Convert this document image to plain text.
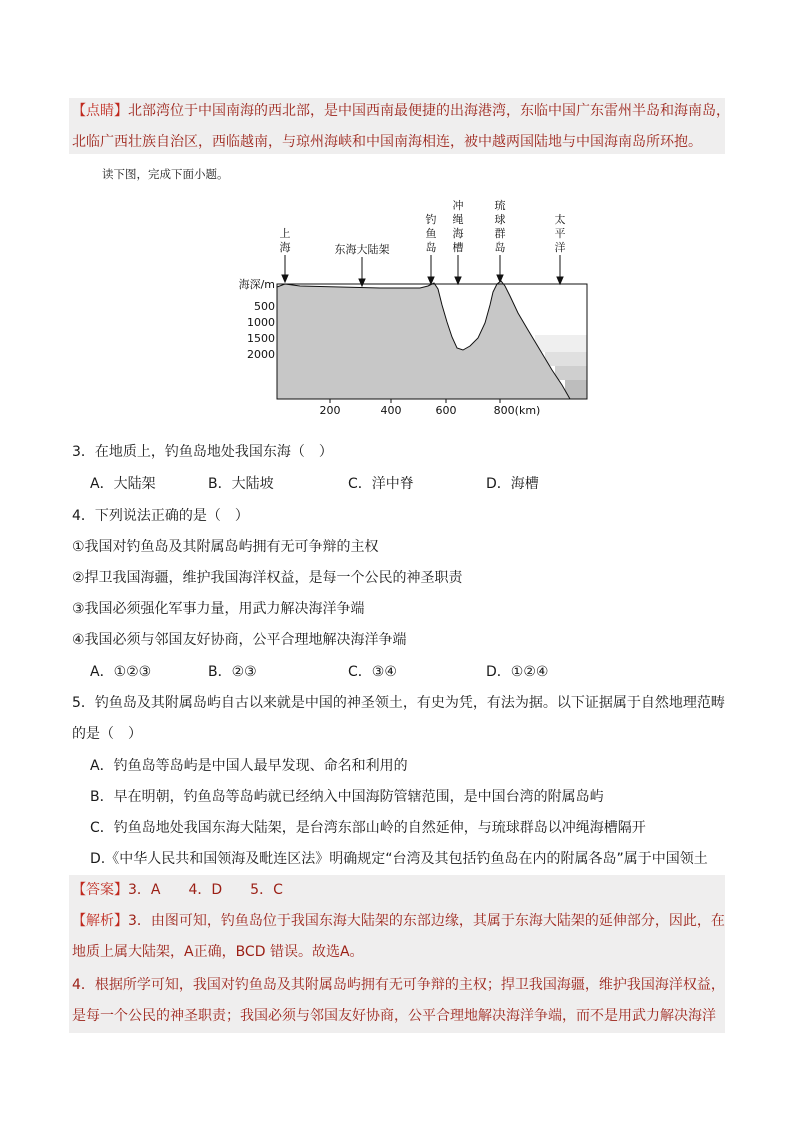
【点睛】北部湾位于中国南海的西北部，是中国西南最便捷的出海港湾，东临中国广东雷州半岛和海南岛，
北临广西壮族自治区，西临越南，与琼州海峡和中国南海相连，被中越两国陆地与中国海南岛所环抱。
读下图，完成下面小题。
上
海	东海大陆架
钓
鱼
岛
冲
绳
海
槽
琉
球
群
岛
太
平
洋
海深/m
500
1000
1500
2000
200	400	600	800(km)
3．在地质上，钓鱼岛地处我国东海（　）
A．大陆架	B．大陆坡	C．洋中脊	D．海槽
4．下列说法正确的是（　）
①我国对钓鱼岛及其附属岛屿拥有无可争辩的主权
②捍卫我国海疆，维护我国海洋权益，是每一个公民的神圣职责
③我国必须强化军事力量，用武力解决海洋争端
④我国必须与邻国友好协商，公平合理地解决海洋争端
A．①②③	B．②③	C．③④	D．①②④
5．钓鱼岛及其附属岛屿自古以来就是中国的神圣领土，有史为凭，有法为据。以下证据属于自然地理范畴
的是（　）
A．钓鱼岛等岛屿是中国人最早发现、命名和利用的
B．早在明朝，钓鱼岛等岛屿就已经纳入中国海防管辖范围，是中国台湾的附属岛屿
C．钓鱼岛地处我国东海大陆架，是台湾东部山岭的自然延伸，与琉球群岛以冲绳海槽隔开
D.《中华人民共和国领海及毗连区法》明确规定“台湾及其包括钓鱼岛在内的附属各岛”属于中国领土
【答案】3．A　　4．D　　5．C
【解析】3．由图可知，钓鱼岛位于我国东海大陆架的东部边缘，其属于东海大陆架的延伸部分，因此，在
地质上属大陆架，A正确，BCD 错误。故选A。
4．根据所学可知，我国对钓鱼岛及其附属岛屿拥有无可争辩的主权；捍卫我国海疆，维护我国海洋权益，
是每一个公民的神圣职责；我国必须与邻国友好协商，公平合理地解决海洋争端，而不是用武力解决海洋
